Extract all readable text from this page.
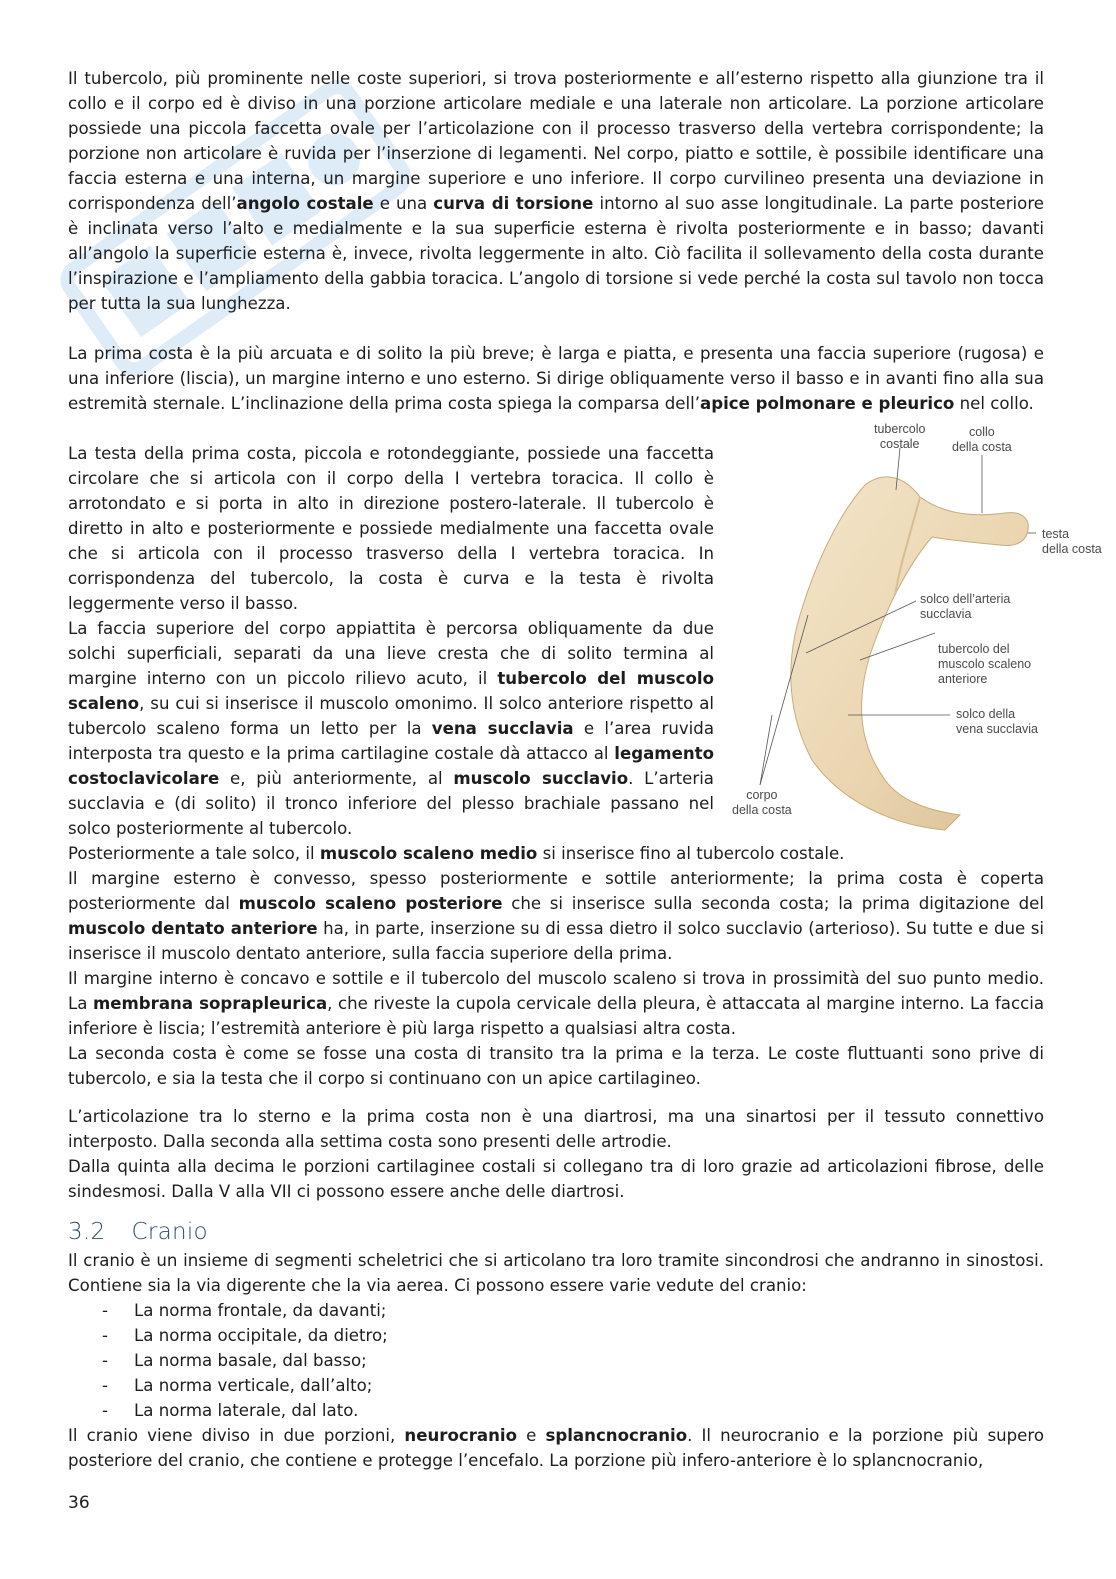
Il tubercolo, più prominente nelle coste superiori, si trova posteriormente e all’esterno rispetto alla giunzione tra il collo e il corpo ed è diviso in una porzione articolare mediale e una laterale non articolare. La porzione articolare possiede una piccola faccetta ovale per l’articolazione con il processo trasverso della vertebra corrispondente; la porzione non articolare è ruvida per l’inserzione di legamenti. Nel corpo, piatto e sottile, è possibile identificare una faccia esterna e una interna, un margine superiore e uno inferiore. Il corpo curvilineo presenta una deviazione in corrispondenza dell’angolo costale e una curva di torsione intorno al suo asse longitudinale. La parte posteriore è inclinata verso l’alto e medialmente e la sua superficie esterna è rivolta posteriormente e in basso; davanti all’angolo la superficie esterna è, invece, rivolta leggermente in alto. Ciò facilita il sollevamento della costa durante l’inspirazione e l’ampliamento della gabbia toracica. L’angolo di torsione si vede perché la costa sul tavolo non tocca per tutta la sua lunghezza.

La prima costa è la più arcuata e di solito la più breve; è larga e piatta, e presenta una faccia superiore (rugosa) e una inferiore (liscia), un margine interno e uno esterno. Si dirige obliquamente verso il basso e in avanti fino alla sua estremità sternale. L’inclinazione della prima costa spiega la comparsa dell’apice polmonare e pleurico nel collo.

La testa della prima costa, piccola e rotondeggiante, possiede una faccetta circolare che si articola con il corpo della I vertebra toracica. Il collo è arrotondato e si porta in alto in direzione postero-laterale. Il tubercolo è diretto in alto e posteriormente e possiede medialmente una faccetta ovale che si articola con il processo trasverso della I vertebra toracica. In corrispondenza del tubercolo, la costa è curva e la testa è rivolta leggermente verso il basso.

La faccia superiore del corpo appiattita è percorsa obliquamente da due solchi superficiali, separati da una lieve cresta che di solito termina al margine interno con un piccolo rilievo acuto, il tubercolo del muscolo scaleno, su cui si inserisce il muscolo omonimo. Il solco anteriore rispetto al tubercolo scaleno forma un letto per la vena succlavia e l’area ruvida interposta tra questo e la prima cartilagine costale dà attacco al legamento costoclavicolare e, più anteriormente, al muscolo succlavio. L’arteria succlavia e (di solito) il tronco inferiore del plesso brachiale passano nel solco posteriormente al tubercolo.

Posteriormente a tale solco, il muscolo scaleno medio si inserisce fino al tubercolo costale.

Il margine esterno è convesso, spesso posteriormente e sottile anteriormente; la prima costa è coperta posteriormente dal muscolo scaleno posteriore che si inserisce sulla seconda costa; la prima digitazione del muscolo dentato anteriore ha, in parte, inserzione su di essa dietro il solco succlavio (arterioso). Su tutte e due si inserisce il muscolo dentato anteriore, sulla faccia superiore della prima.

Il margine interno è concavo e sottile e il tubercolo del muscolo scaleno si trova in prossimità del suo punto medio. La membrana soprapleurica, che riveste la cupola cervicale della pleura, è attaccata al margine interno. La faccia inferiore è liscia; l’estremità anteriore è più larga rispetto a qualsiasi altra costa.

La seconda costa è come se fosse una costa di transito tra la prima e la terza. Le coste fluttuanti sono prive di tubercolo, e sia la testa che il corpo si continuano con un apice cartilagineo.

L’articolazione tra lo sterno e la prima costa non è una diartrosi, ma una sinartosi per il tessuto connettivo interposto. Dalla seconda alla settima costa sono presenti delle artrodie.

Dalla quinta alla decima le porzioni cartilaginee costali si collegano tra di loro grazie ad articolazioni fibrose, delle sindesmosi. Dalla V alla VII ci possono essere anche delle diartrosi.

3.2 Cranio

Il cranio è un insieme di segmenti scheletrici che si articolano tra loro tramite sincondrosi che andranno in sinostosi. Contiene sia la via digerente che la via aerea. Ci possono essere varie vedute del cranio:

- La norma frontale, da davanti;
- La norma occipitale, da dietro;
- La norma basale, dal basso;
- La norma verticale, dall’alto;
- La norma laterale, dal lato.

Il cranio viene diviso in due porzioni, neurocranio e splancnocranio. Il neurocranio e la porzione più supero posteriore del cranio, che contiene e protegge l’encefalo. La porzione più infero-anteriore è lo splancnocranio,

36
tubercolo
costale
collo
della costa
testa
della costa
solco dell’arteria
succlavia
tubercolo del
muscolo scaleno
anteriore
solco della
vena succlavia
corpo
della costa
